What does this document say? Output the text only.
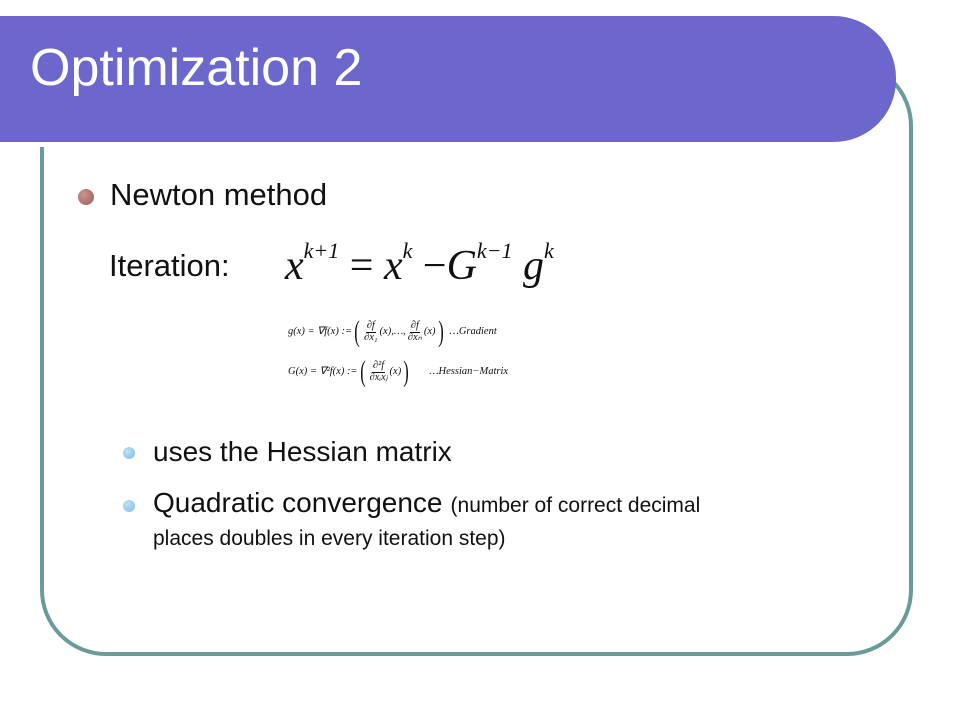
Optimization 2
Newton method
Iteration: $x^{k+1} = x^k -G^{k-1}$ $g^k$
g(x) = ∇f(x) := ( $\frac{\partial f}{\text{∂x₁}}$ (x),…, $\frac{\partial f}{\text{∂xₙ}} (x)$ ) …Gradient
G(x) = ∇²f(x) := ( $\frac{\text{∂²f}}{\text{∂xᵢxⱼ}} (x)$ ) …Hessian−Matrix
uses the Hessian matrix
Quadratic convergence (number of correct decimal
places doubles in every iteration step)
